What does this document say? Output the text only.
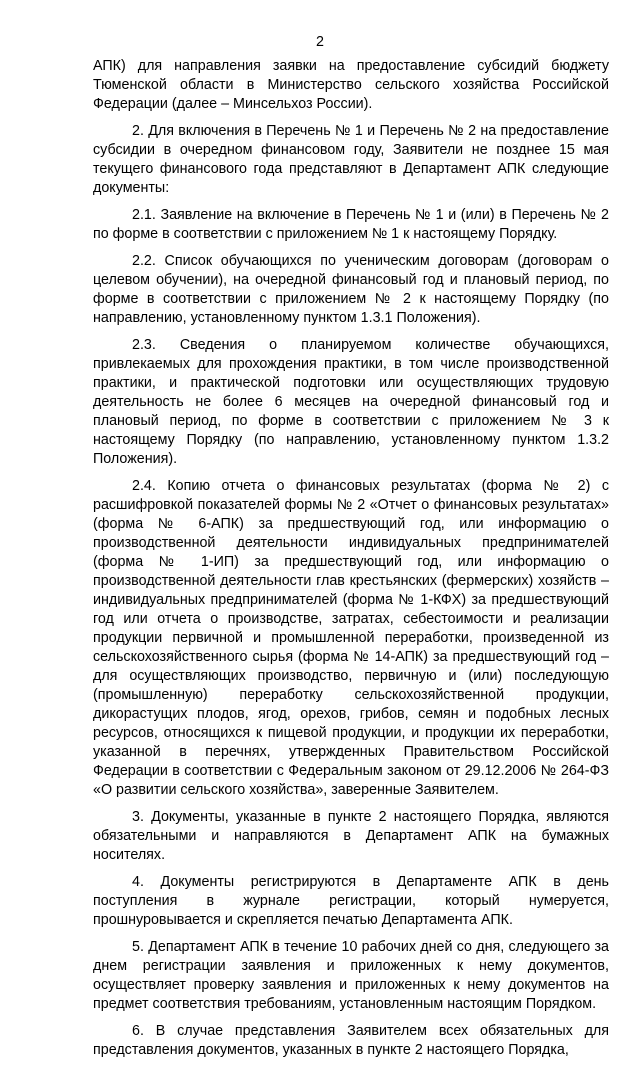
2

АПК) для направления заявки на предоставление субсидий бюджету Тюменской области в Министерство сельского хозяйства Российской Федерации (далее – Минсельхоз России).

2. Для включения в Перечень № 1 и Перечень № 2 на предоставление субсидии в очередном финансовом году, Заявители не позднее 15 мая текущего финансового года представляют в Департамент АПК следующие документы:

2.1. Заявление на включение в Перечень № 1 и (или) в Перечень № 2 по форме в соответствии с приложением № 1 к настоящему Порядку.

2.2. Список обучающихся по ученическим договорам (договорам о целевом обучении), на очередной финансовый год и плановый период, по форме в соответствии с приложением № 2 к настоящему Порядку (по направлению, установленному пунктом 1.3.1 Положения).

2.3. Сведения о планируемом количестве обучающихся, привлекаемых для прохождения практики, в том числе производственной практики, и практической подготовки или осуществляющих трудовую деятельность не более 6 месяцев на очередной финансовый год и плановый период, по форме в соответствии с приложением № 3 к настоящему Порядку (по направлению, установленному пунктом 1.3.2 Положения).

2.4. Копию отчета о финансовых результатах (форма № 2) с расшифровкой показателей формы № 2 «Отчет о финансовых результатах» (форма № 6-АПК) за предшествующий год, или информацию о производственной деятельности индивидуальных предпринимателей (форма № 1-ИП) за предшествующий год, или информацию о производственной деятельности глав крестьянских (фермерских) хозяйств – индивидуальных предпринимателей (форма № 1-КФХ) за предшествующий год или отчета о производстве, затратах, себестоимости и реализации продукции первичной и промышленной переработки, произведенной из сельскохозяйственного сырья (форма № 14-АПК) за предшествующий год – для осуществляющих производство, первичную и (или) последующую (промышленную) переработку сельскохозяйственной продукции, дикорастущих плодов, ягод, орехов, грибов, семян и подобных лесных ресурсов, относящихся к пищевой продукции, и продукции их переработки, указанной в перечнях, утвержденных Правительством Российской Федерации в соответствии с Федеральным законом от 29.12.2006 № 264-ФЗ «О развитии сельского хозяйства», заверенные Заявителем.

3. Документы, указанные в пункте 2 настоящего Порядка, являются обязательными и направляются в Департамент АПК на бумажных носителях.

4. Документы регистрируются в Департаменте АПК в день поступления в журнале регистрации, который нумеруется, прошнуровывается и скрепляется печатью Департамента АПК.

5. Департамент АПК в течение 10 рабочих дней со дня, следующего за днем регистрации заявления и приложенных к нему документов, осуществляет проверку заявления и приложенных к нему документов на предмет соответствия требованиям, установленным настоящим Порядком.

6. В случае представления Заявителем всех обязательных для представления документов, указанных в пункте 2 настоящего Порядка,
